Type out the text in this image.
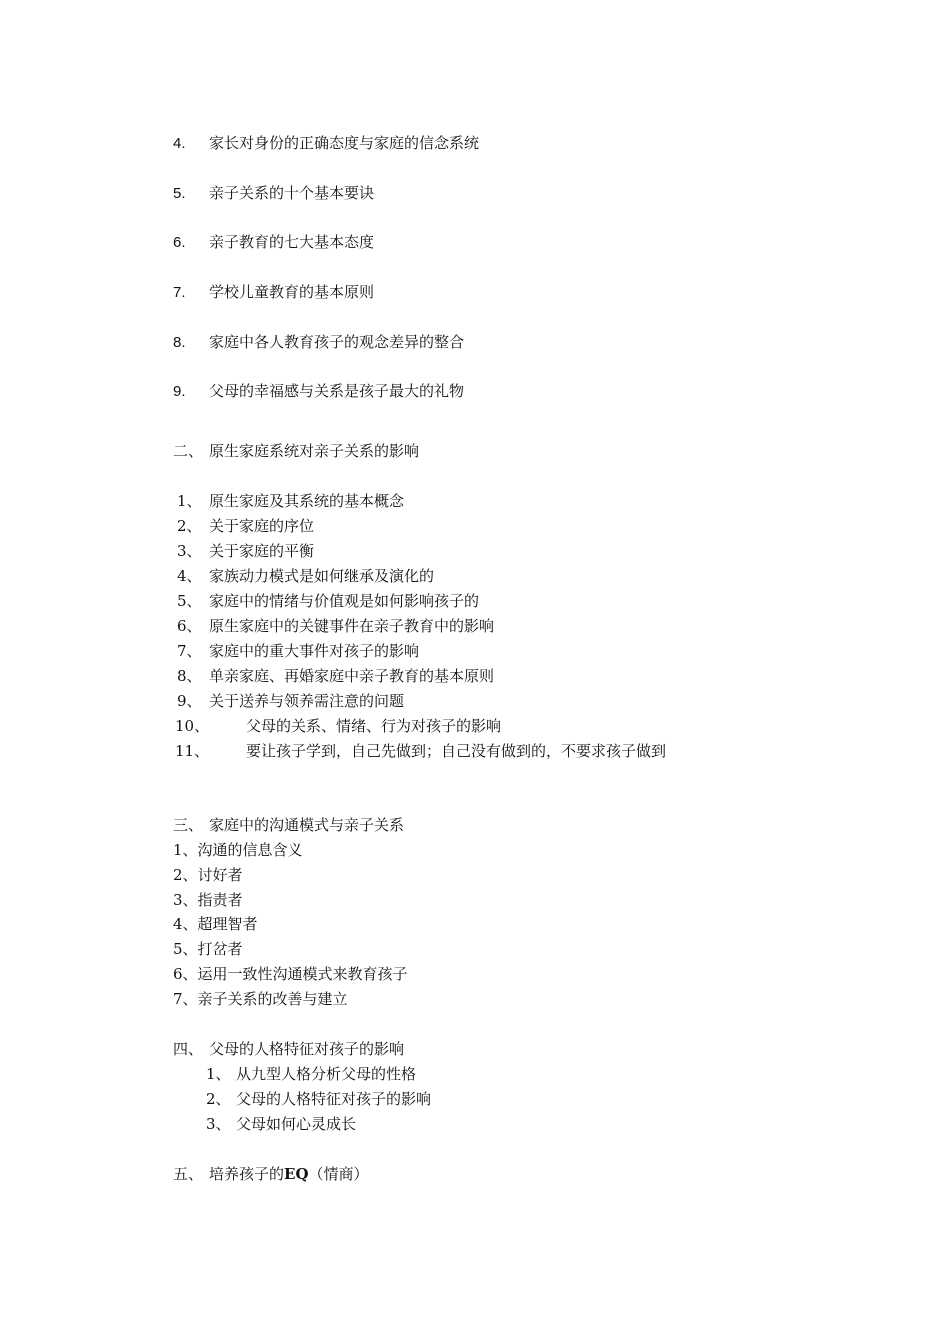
4. 家长对身份的正确态度与家庭的信念系统
5. 亲子关系的十个基本要诀
6. 亲子教育的七大基本态度
7. 学校儿童教育的基本原则
8. 家庭中各人教育孩子的观念差异的整合
9. 父母的幸福感与关系是孩子最大的礼物
二、 原生家庭系统对亲子关系的影响
1、 原生家庭及其系统的基本概念
2、 关于家庭的序位
3、 关于家庭的平衡
4、 家族动力模式是如何继承及演化的
5、 家庭中的情绪与价值观是如何影响孩子的
6、 原生家庭中的关键事件在亲子教育中的影响
7、 家庭中的重大事件对孩子的影响
8、 单亲家庭、再婚家庭中亲子教育的基本原则
9、 关于送养与领养需注意的问题
10、 父母的关系、情绪、行为对孩子的影响
11、 要让孩子学到，自己先做到；自己没有做到的，不要求孩子做到
三、 家庭中的沟通模式与亲子关系
1、沟通的信息含义
2、讨好者
3、指责者
4、超理智者
5、打岔者
6、运用一致性沟通模式来教育孩子
7、亲子关系的改善与建立
四、 父母的人格特征对孩子的影响
1、 从九型人格分析父母的性格
2、 父母的人格特征对孩子的影响
3、 父母如何心灵成长
五、 培养孩子的EQ（情商）
